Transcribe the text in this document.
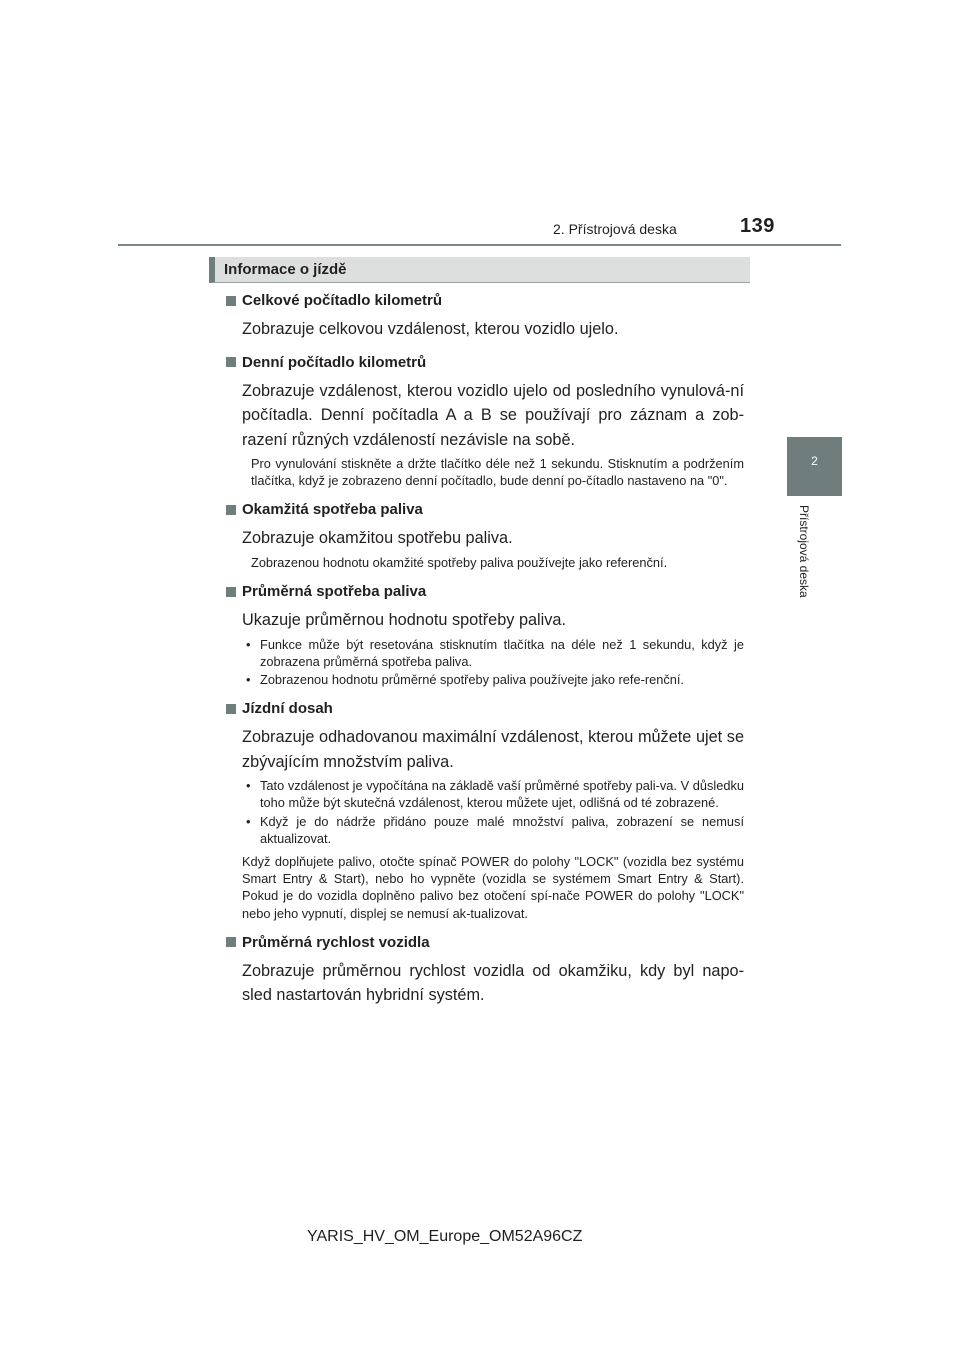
2. Přístrojová deska	139
2
Přístrojová deska
Informace o jízdě
Celkové počítadlo kilometrů
Zobrazuje celkovou vzdálenost, kterou vozidlo ujelo.
Denní počítadlo kilometrů
Zobrazuje vzdálenost, kterou vozidlo ujelo od posledního vynulová-ní počítadla. Denní počítadla A a B se používají pro záznam a zob-razení různých vzdáleností nezávisle na sobě.
Pro vynulování stiskněte a držte tlačítko déle než 1 sekundu. Stisknutím a podržením tlačítka, když je zobrazeno denní počítadlo, bude denní po-čítadlo nastaveno na "0".
Okamžitá spotřeba paliva
Zobrazuje okamžitou spotřebu paliva.
Zobrazenou hodnotu okamžité spotřeby paliva používejte jako referenční.
Průměrná spotřeba paliva
Ukazuje průměrnou hodnotu spotřeby paliva.
• Funkce může být resetována stisknutím tlačítka na déle než 1 sekundu, když je zobrazena průměrná spotřeba paliva.
• Zobrazenou hodnotu průměrné spotřeby paliva používejte jako refe-renční.
Jízdní dosah
Zobrazuje odhadovanou maximální vzdálenost, kterou můžete ujet se zbývajícím množstvím paliva.
• Tato vzdálenost je vypočítána na základě vaší průměrné spotřeby pali-va. V důsledku toho může být skutečná vzdálenost, kterou můžete ujet, odlišná od té zobrazené.
• Když je do nádrže přidáno pouze malé množství paliva, zobrazení se nemusí aktualizovat.
Když doplňujete palivo, otočte spínač POWER do polohy "LOCK" (vozidla bez systému Smart Entry & Start), nebo ho vypněte (vozidla se systémem Smart Entry & Start). Pokud je do vozidla doplněno palivo bez otočení spí-nače POWER do polohy "LOCK" nebo jeho vypnutí, displej se nemusí ak-tualizovat.
Průměrná rychlost vozidla
Zobrazuje průměrnou rychlost vozidla od okamžiku, kdy byl napo-sled nastartován hybridní systém.
YARIS_HV_OM_Europe_OM52A96CZ
